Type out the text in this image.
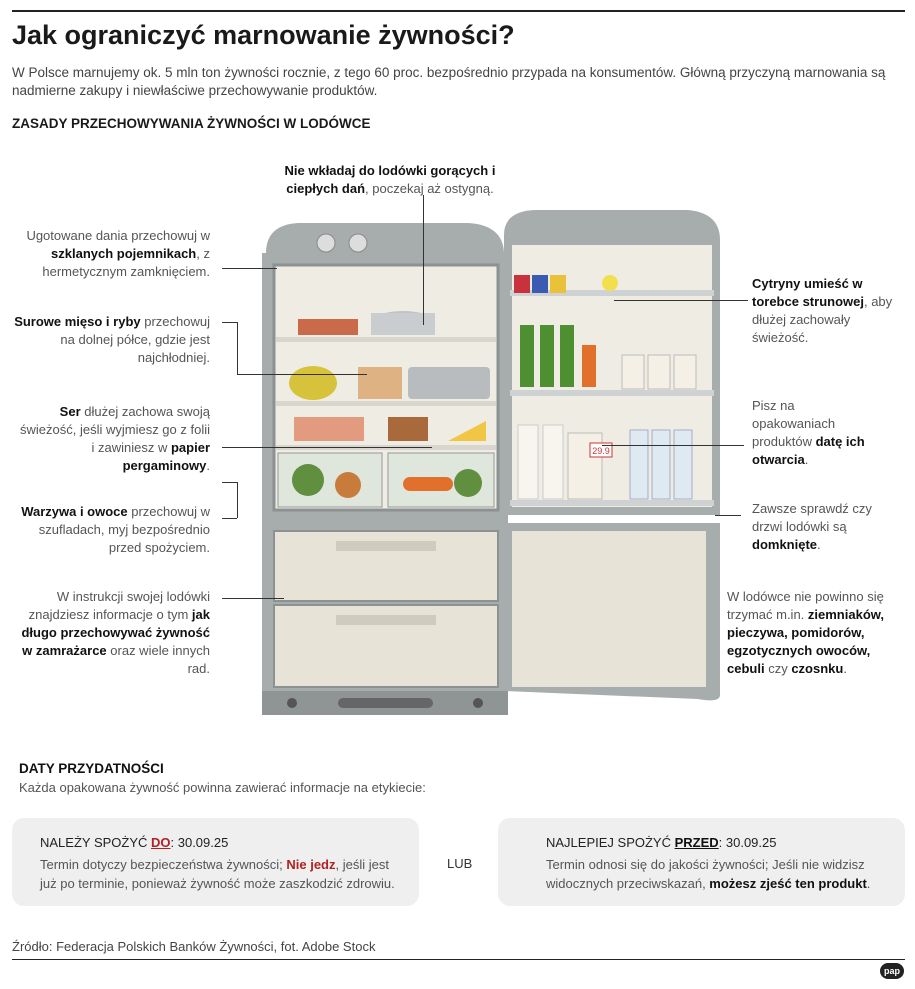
Jak ograniczyć marnowanie żywności?
W Polsce marnujemy ok. 5 mln ton żywności rocznie, z tego 60 proc. bezpośrednio przypada na konsumentów. Główną przyczyną marnowania są nadmierne zakupy i niewłaściwe przechowywanie produktów.
ZASADY PRZECHOWYWANIA ŻYWNOŚCI W LODÓWCE
29.9
Nie wkładaj do lodówki gorących i ciepłych dań, poczekaj aż ostygną.
Ugotowane dania przechowuj w szklanych pojemnikach, z hermetycznym zamknięciem.
Surowe mięso i ryby przechowuj na dolnej półce, gdzie jest najchłodniej.
Ser dłużej zachowa swoją świeżość, jeśli wyjmiesz go z folii i zawiniesz w papier pergaminowy.
Warzywa i owoce przechowuj w szufladach, myj bezpośrednio przed spożyciem.
W instrukcji swojej lodówki znajdziesz informacje o tym jak długo przechowywać żywność w zamrażarce oraz wiele innych rad.
Cytryny umieść w torebce strunowej, aby dłużej zachowały świeżość.
Pisz na opakowaniach produktów datę ich otwarcia.
Zawsze sprawdź czy drzwi lodówki są domknięte.
W lodówce nie powinno się trzymać m.in. ziemniaków, pieczywa, pomidorów, egzotycznych owoców, cebuli czy czosnku.
DATY PRZYDATNOŚCI
Każda opakowana żywność powinna zawierać informacje na etykiecie:
NALEŻY SPOŻYĆ DO: 30.09.25
Termin dotyczy bezpieczeństwa żywności; Nie jedz, jeśli jest już po terminie, ponieważ żywność może zaszkodzić zdrowiu.
LUB
NAJLEPIEJ SPOŻYĆ PRZED: 30.09.25
Termin odnosi się do jakości żywności; Jeśli nie widzisz widocznych przeciwskazań, możesz zjeść ten produkt.
Źródło: Federacja Polskich Banków Żywności, fot. Adobe Stock
pap
